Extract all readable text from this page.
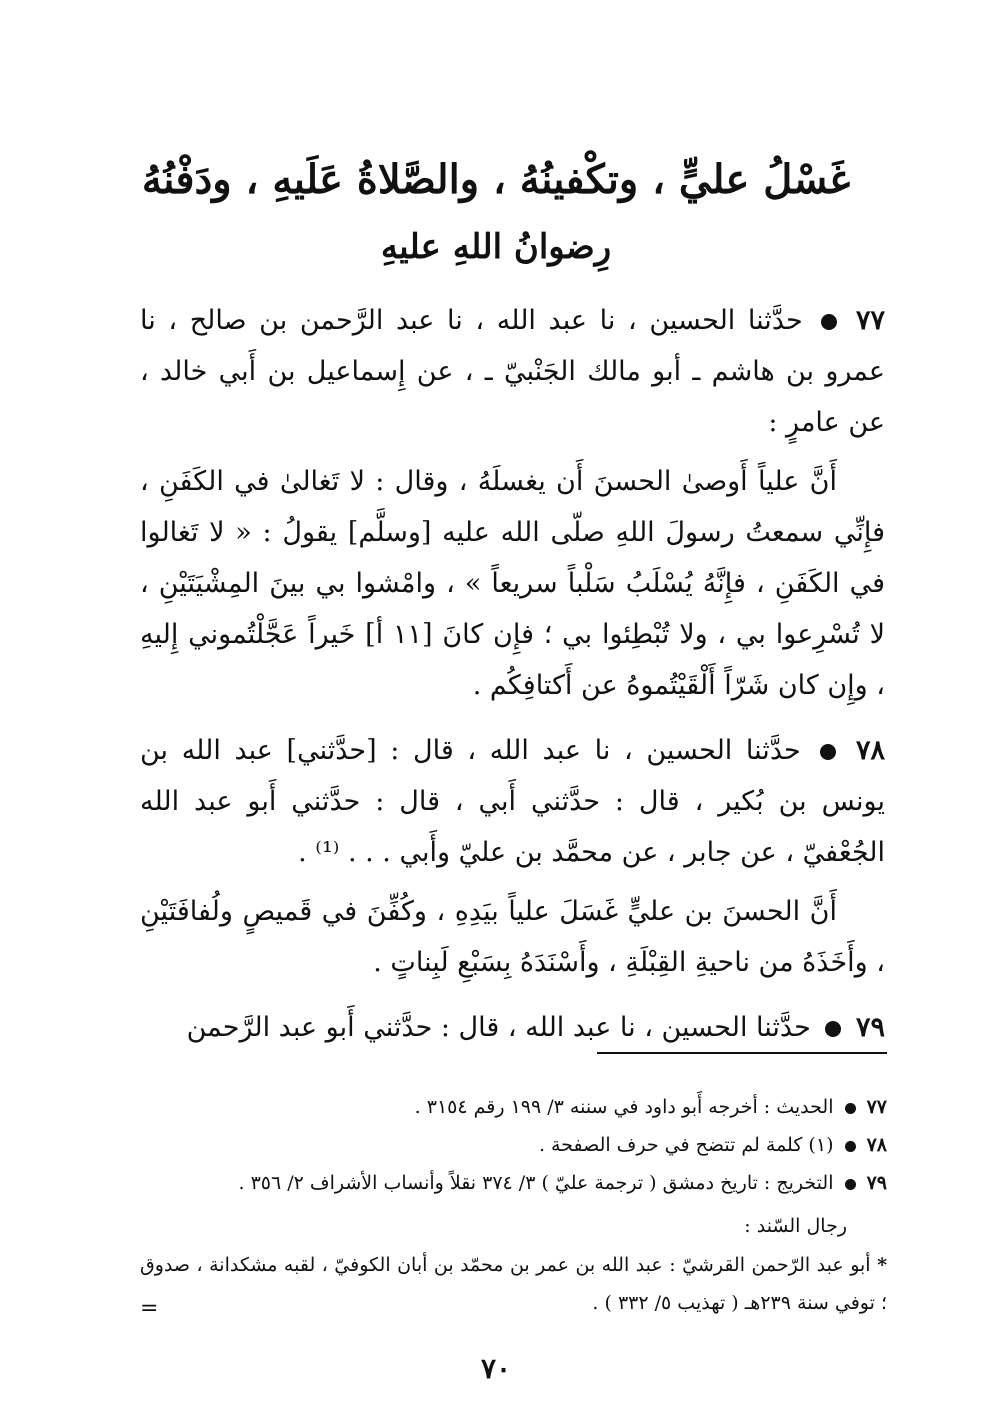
غَسْلُ عليٍّ ، وتكْفينُهُ ، والصَّلاةُ عَلَيهِ ، ودَفْنُهُ
رِضوانُ اللهِ عليهِ

٧٧  حدَّثنا الحسين ، نا عبد الله ، نا عبد الرَّحمن بن صالح ، نا عمرو بن هاشم ـ أبو مالك الجَنْبيّ ـ ، عن إِسماعيل بن أَبي خالد ، عن عامرٍ :

أَنَّ علياً أَوصىٰ الحسنَ أَن يغسلَهُ ، وقال : لا تَغالىٰ في الكَفَنِ ، فإِنِّي سمعتُ رسولَ اللهِ صلّى الله عليه [وسلَّم] يقولُ : « لا تَغالوا في الكَفَنِ ، فإِنَّهُ يُسْلَبُ سَلْباً سريعاً » ، وامْشوا بي بينَ المِشْيَتَيْنِ ، لا تُسْرِعوا بي ، ولا تُبْطِئوا بي ؛ فإِن كانَ [١١ أ] خَيراً عَجَّلْتُموني إِليهِ ، وإِن كان شَرّاً أَلْقَيْتُموهُ عن أَكتافِكُم .

٧٨  حدَّثنا الحسين ، نا عبد الله ، قال : [حدَّثني] عبد الله بن يونس بن بُكير ، قال : حدَّثني أَبي ، قال : حدَّثني أَبو عبد الله الجُعْفيّ ، عن جابر ، عن محمَّد بن عليّ وأَبي . . . ⁽¹⁾ .

أَنَّ الحسنَ بن عليٍّ غَسَلَ علياً بيَدِهِ ، وكُفِّنَ في قَميصٍ ولُفافَتَيْنِ ، وأَخَذَهُ من ناحيةِ القِبْلَةِ ، وأَسْنَدَهُ بِسَبْعِ لَبِناتٍ .

٧٩  حدَّثنا الحسين ، نا عبد الله ، قال : حدَّثني أَبو عبد الرَّحمن

٧٧  الحديث : أخرجه أَبو داود في سننه ٣/ ١٩٩ رقم ٣١٥٤ .

٧٨  (١) كلمة لم تتضح في حرف الصفحة .

٧٩  التخريج : تاريخ دمشق ( ترجمة عليّ ) ٣/ ٣٧٤ نقلاً وأنساب الأشراف ٢/ ٣٥٦ .

رجال السّند :

* أبو عبد الرّحمن القرشيّ : عبد الله بن عمر بن محمّد بن أبان الكوفيّ ، لقبه مشكدانة ، صدوق ؛ توفي سنة ٢٣٩هـ ( تهذيب ٥/ ٣٣٢ ) .

=
٧٠
